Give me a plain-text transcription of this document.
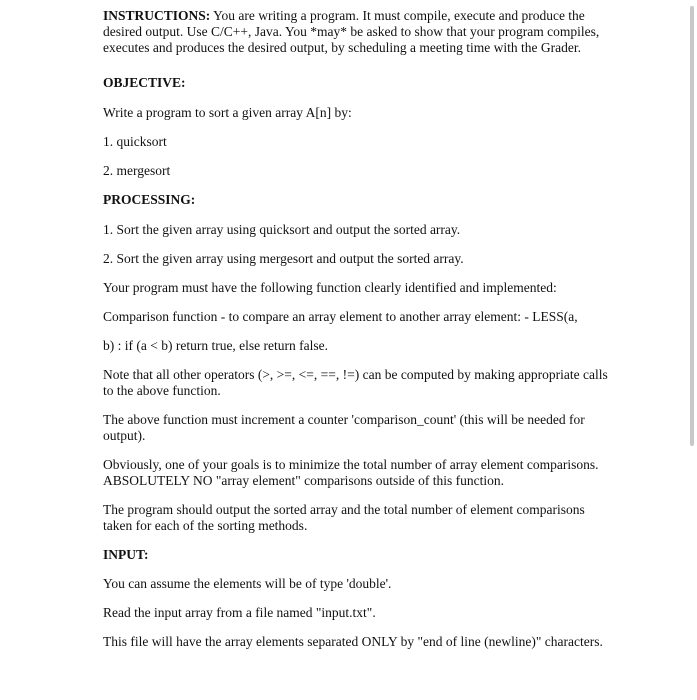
INSTRUCTIONS: You are writing a program. It must compile, execute and produce the desired output. Use C/C++, Java. You *may* be asked to show that your program compiles, executes and produces the desired output, by scheduling a meeting time with the Grader.

OBJECTIVE:

Write a program to sort a given array A[n] by:

1. quicksort

2. mergesort

PROCESSING:

1. Sort the given array using quicksort and output the sorted array.

2. Sort the given array using mergesort and output the sorted array.

Your program must have the following function clearly identified and implemented:

Comparison function - to compare an array element to another array element: - LESS(a,

b) : if (a < b) return true, else return false.

Note that all other operators (>, >=, <=, ==, !=) can be computed by making appropriate calls to the above function.

The above function must increment a counter 'comparison_count' (this will be needed for output).

Obviously, one of your goals is to minimize the total number of array element comparisons. ABSOLUTELY NO "array element" comparisons outside of this function.

The program should output the sorted array and the total number of element comparisons taken for each of the sorting methods.

INPUT:

You can assume the elements will be of type 'double'.

Read the input array from a file named "input.txt".

This file will have the array elements separated ONLY by "end of line (newline)" characters.
